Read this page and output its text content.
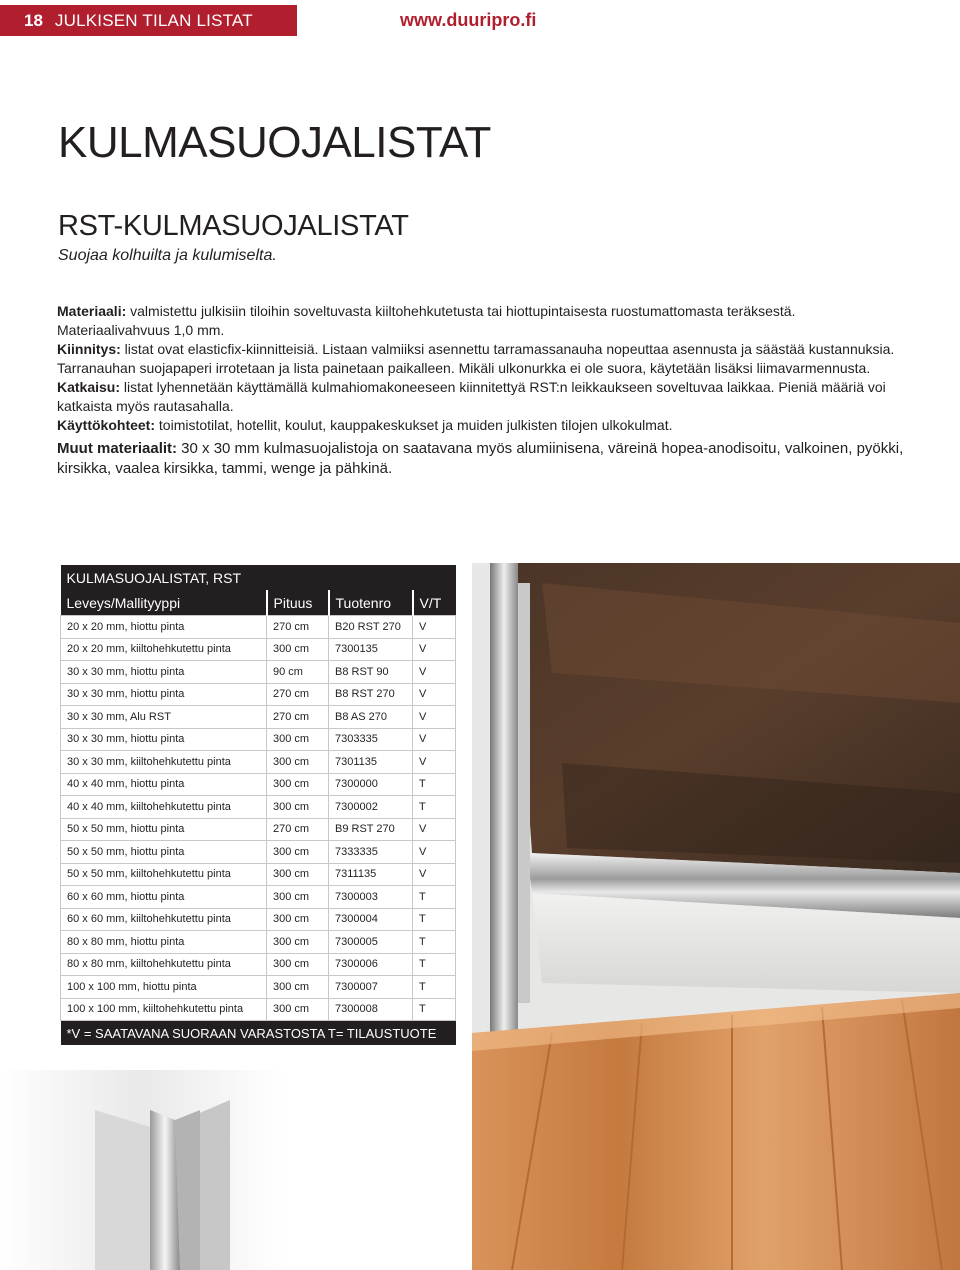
18 JULKISEN TILAN LISTAT	www.duuripro.fi
KULMASUOJALISTAT
RST-KULMASUOJALISTAT
Suojaa kolhuilta ja kulumiselta.

Materiaali: valmistettu julkisiin tiloihin soveltuvasta kiiltohehkutetusta tai hiottupintaisesta ruostumattomasta teräksestä. Materiaalivahvuus 1,0 mm.

Kiinnitys: listat ovat elasticfix-kiinnitteisiä. Listaan valmiiksi asennettu tarramassanauha nopeuttaa asennusta ja säästää kustannuksia. Tarranauhan suojapaperi irrotetaan ja lista painetaan paikalleen. Mikäli ulkonurkka ei ole suora, käytetään lisäksi liimavarmennusta.

Katkaisu: listat lyhennetään käyttämällä kulmahiomakoneeseen kiinnitettyä RST:n leikkaukseen soveltuvaa laikkaa. Pieniä määriä voi katkaista myös rautasahalla.

Käyttökohteet: toimistotilat, hotellit, koulut, kauppakeskukset ja muiden julkisten tilojen ulkokulmat.

Muut materiaalit: 30 x 30 mm kulmasuojalistoja on saatavana myös alumiinisena, väreinä hopea-anodisoitu, valkoinen, pyökki, kirsikka, vaalea kirsikka, tammi, wenge ja pähkinä.

KULMASUOJALISTAT, RST			
Leveys/Mallityyppi	Pituus	Tuotenro	V/T
20 x 20 mm, hiottu pinta	270 cm	B20 RST 270	V
20 x 20 mm, kiiltohehkutettu pinta	300 cm	7300135	V
30 x 30 mm, hiottu pinta	90 cm	B8 RST 90	V
30 x 30 mm, hiottu pinta	270 cm	B8 RST 270	V
30 x 30 mm, Alu RST	270 cm	B8 AS 270	V
30 x 30 mm, hiottu pinta	300 cm	7303335	V
30 x 30 mm, kiiltohehkutettu pinta	300 cm	7301135	V
40 x 40 mm, hiottu pinta	300 cm	7300000	T
40 x 40 mm, kiiltohehkutettu pinta	300 cm	7300002	T
50 x 50 mm, hiottu pinta	270 cm	B9 RST 270	V
50 x 50 mm, hiottu pinta	300 cm	7333335	V
50 x 50 mm, kiiltohehkutettu pinta	300 cm	7311135	V
60 x 60 mm, hiottu pinta	300 cm	7300003	T
60 x 60 mm, kiiltohehkutettu pinta	300 cm	7300004	T
80 x 80 mm, hiottu pinta	300 cm	7300005	T
80 x 80 mm, kiiltohehkutettu pinta	300 cm	7300006	T
100 x 100 mm, hiottu pinta	300 cm	7300007	T
100 x 100 mm, kiiltohehkutettu pinta	300 cm	7300008	T
*V = SAATAVANA SUORAAN VARASTOSTA T= TILAUSTUOTE			
